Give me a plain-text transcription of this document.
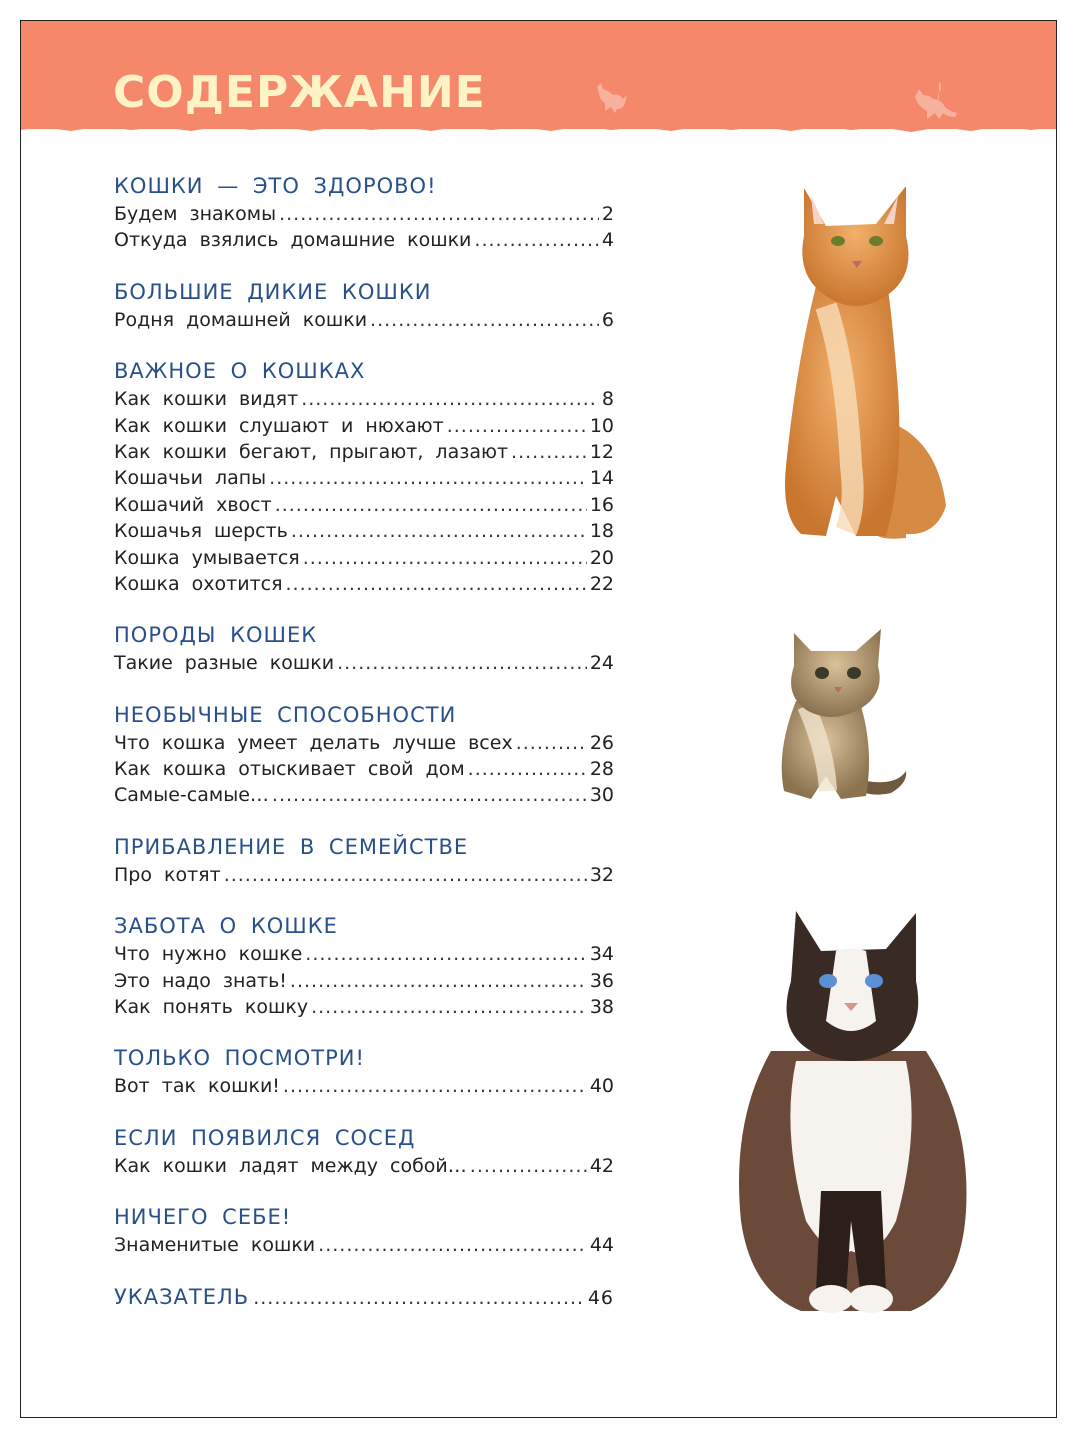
СОДЕРЖАНИЕ
КОШКИ — ЭТО ЗДОРОВО!
Будем знакомы .....	2
Откуда взялись домашние кошки .....	4
БОЛЬШИЕ ДИКИЕ КОШКИ
Родня домашней кошки .....	6
ВАЖНОЕ О КОШКАХ
Как кошки видят .....	8
Как кошки слушают и нюхают .....	10
Как кошки бегают, прыгают, лазают .....	12
Кошачьи лапы .....	14
Кошачий хвост .....	16
Кошачья шерсть .....	18
Кошка умывается .....	20
Кошка охотится .....	22
ПОРОДЫ КОШЕК
Такие разные кошки .....	24
НЕОБЫЧНЫЕ СПОСОБНОСТИ
Что кошка умеет делать лучше всех .....	26
Как кошка отыскивает свой дом .....	28
Самые-самые… .....	30
ПРИБАВЛЕНИЕ В СЕМЕЙСТВЕ
Про котят .....	32
ЗАБОТА О КОШКЕ
Что нужно кошке .....	34
Это надо знать! .....	36
Как понять кошку .....	38
ТОЛЬКО ПОСМОТРИ!
Вот так кошки! .....	40
ЕСЛИ ПОЯВИЛСЯ СОСЕД
Как кошки ладят между собой… .....	42
НИЧЕГО СЕБЕ!
Знаменитые кошки .....	44
УКАЗАТЕЛЬ .....	46
